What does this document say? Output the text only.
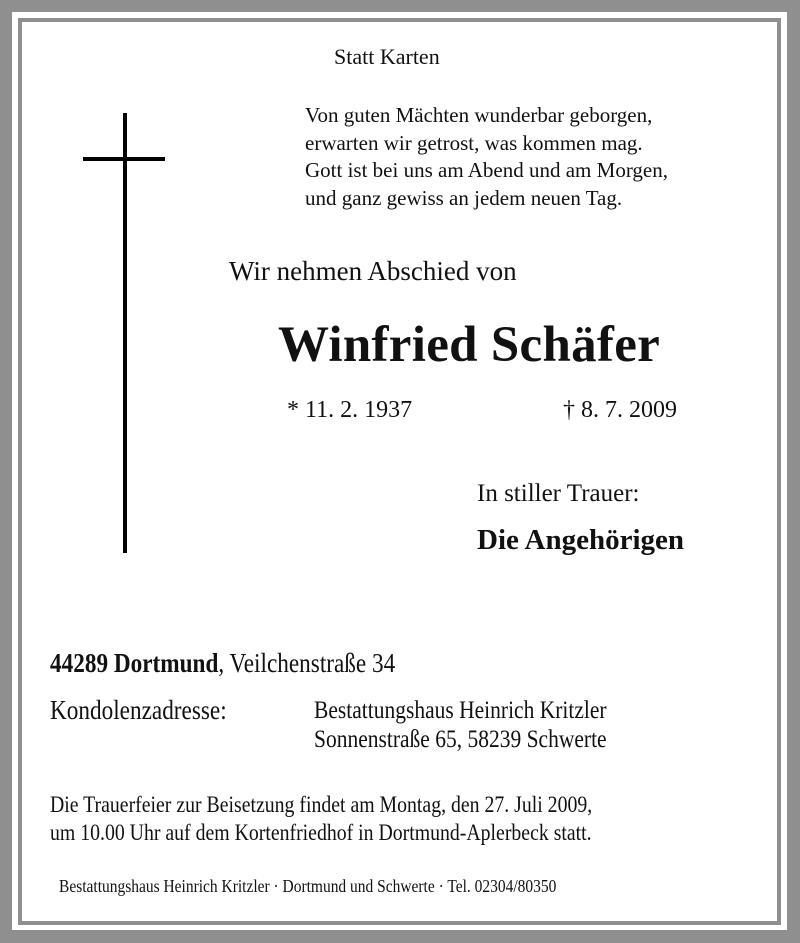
Statt Karten
Von guten Mächten wunderbar geborgen,
erwarten wir getrost, was kommen mag.
Gott ist bei uns am Abend und am Morgen,
und ganz gewiss an jedem neuen Tag.
Wir nehmen Abschied von
Winfried Schäfer
* 11. 2. 1937	† 8. 7. 2009
In stiller Trauer:
Die Angehörigen
44289 Dortmund, Veilchenstraße 34
Kondolenzadresse:	Bestattungshaus Heinrich Kritzler
Sonnenstraße 65, 58239 Schwerte
Die Trauerfeier zur Beisetzung findet am Montag, den 27. Juli 2009,
um 10.00 Uhr auf dem Kortenfriedhof in Dortmund-Aplerbeck statt.
Bestattungshaus Heinrich Kritzler · Dortmund und Schwerte · Tel. 02304/80350
